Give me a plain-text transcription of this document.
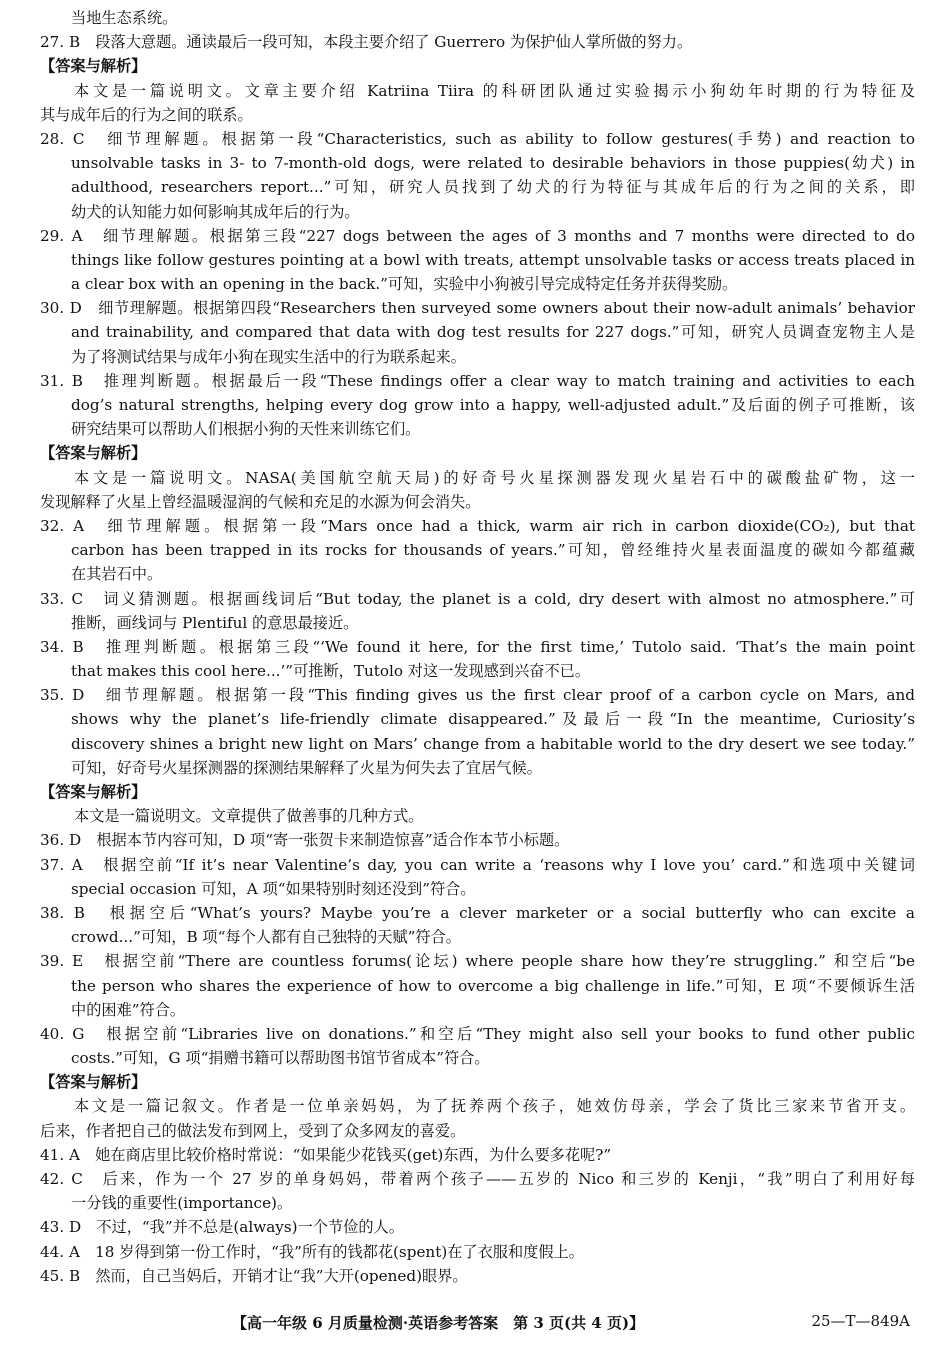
当地生态系统。
27. B　段落大意题。通读最后一段可知，本段主要介绍了 Guerrero 为保护仙人掌所做的努力。
【答案与解析】
本文是一篇说明文。文章主要介绍 Katriina Tiira 的科研团队通过实验揭示小狗幼年时期的行为特征及
其与成年后的行为之间的联系。
28. C　细节理解题。根据第一段“Characteristics, such as ability to follow gestures(手势) and reaction to
unsolvable tasks in 3- to 7-month-old dogs, were related to desirable behaviors in those puppies(幼犬) in
adulthood, researchers report...”可知，研究人员找到了幼犬的行为特征与其成年后的行为之间的关系，即
幼犬的认知能力如何影响其成年后的行为。
29. A　细节理解题。根据第三段“227 dogs between the ages of 3 months and 7 months were directed to do
things like follow gestures pointing at a bowl with treats, attempt unsolvable tasks or access treats placed in
a clear box with an opening in the back.”可知，实验中小狗被引导完成特定任务并获得奖励。
30. D　细节理解题。根据第四段“Researchers then surveyed some owners about their now-adult animals’ behavior
and trainability, and compared that data with dog test results for 227 dogs.”可知，研究人员调查宠物主人是
为了将测试结果与成年小狗在现实生活中的行为联系起来。
31. B　推理判断题。根据最后一段“These findings offer a clear way to match training and activities to each
dog’s natural strengths, helping every dog grow into a happy, well-adjusted adult.”及后面的例子可推断，该
研究结果可以帮助人们根据小狗的天性来训练它们。
【答案与解析】
本文是一篇说明文。NASA(美国航空航天局)的好奇号火星探测器发现火星岩石中的碳酸盐矿物，这一
发现解释了火星上曾经温暖湿润的气候和充足的水源为何会消失。
32. A　细节理解题。根据第一段“Mars once had a thick, warm air rich in carbon dioxide(CO₂), but that
carbon has been trapped in its rocks for thousands of years.”可知，曾经维持火星表面温度的碳如今都蕴藏
在其岩石中。
33. C　词义猜测题。根据画线词后“But today, the planet is a cold, dry desert with almost no atmosphere.”可
推断，画线词与 Plentiful 的意思最接近。
34. B　推理判断题。根据第三段“‘We found it here, for the first time,’ Tutolo said. ‘That’s the main point
that makes this cool here...’”可推断，Tutolo 对这一发现感到兴奋不已。
35. D　细节理解题。根据第一段“This finding gives us the first clear proof of a carbon cycle on Mars, and
shows why the planet’s life-friendly climate disappeared.”及最后一段“In the meantime, Curiosity’s
discovery shines a bright new light on Mars’ change from a habitable world to the dry desert we see today.”
可知，好奇号火星探测器的探测结果解释了火星为何失去了宜居气候。
【答案与解析】
本文是一篇说明文。文章提供了做善事的几种方式。
36. D　根据本节内容可知，D 项“寄一张贺卡来制造惊喜”适合作本节小标题。
37. A　根据空前“If it’s near Valentine’s day, you can write a ‘reasons why I love you’ card.”和选项中关键词
special occasion 可知，A 项“如果特别时刻还没到”符合。
38. B　根据空后“What’s yours? Maybe you’re a clever marketer or a social butterfly who can excite a
crowd...”可知，B 项“每个人都有自己独特的天赋”符合。
39. E　根据空前“There are countless forums(论坛) where people share how they’re struggling.” 和空后“be
the person who shares the experience of how to overcome a big challenge in life.”可知，E 项“不要倾诉生活
中的困难”符合。
40. G　根据空前“Libraries live on donations.”和空后“They might also sell your books to fund other public
costs.”可知，G 项“捐赠书籍可以帮助图书馆节省成本”符合。
【答案与解析】
本文是一篇记叙文。作者是一位单亲妈妈，为了抚养两个孩子，她效仿母亲，学会了货比三家来节省开支。
后来，作者把自己的做法发布到网上，受到了众多网友的喜爱。
41. A　她在商店里比较价格时常说：“如果能少花钱买(get)东西，为什么要多花呢?”
42. C　后来，作为一个 27 岁的单身妈妈，带着两个孩子——五岁的 Nico 和三岁的 Kenji，“我”明白了利用好每
一分钱的重要性(importance)。
43. D　不过，“我”并不总是(always)一个节俭的人。
44. A　18 岁得到第一份工作时，“我”所有的钱都花(spent)在了衣服和度假上。
45. B　然而，自己当妈后，开销才让“我”大开(opened)眼界。
【高一年级 6 月质量检测·英语参考答案　第 3 页(共 4 页)】	25—T—849A
